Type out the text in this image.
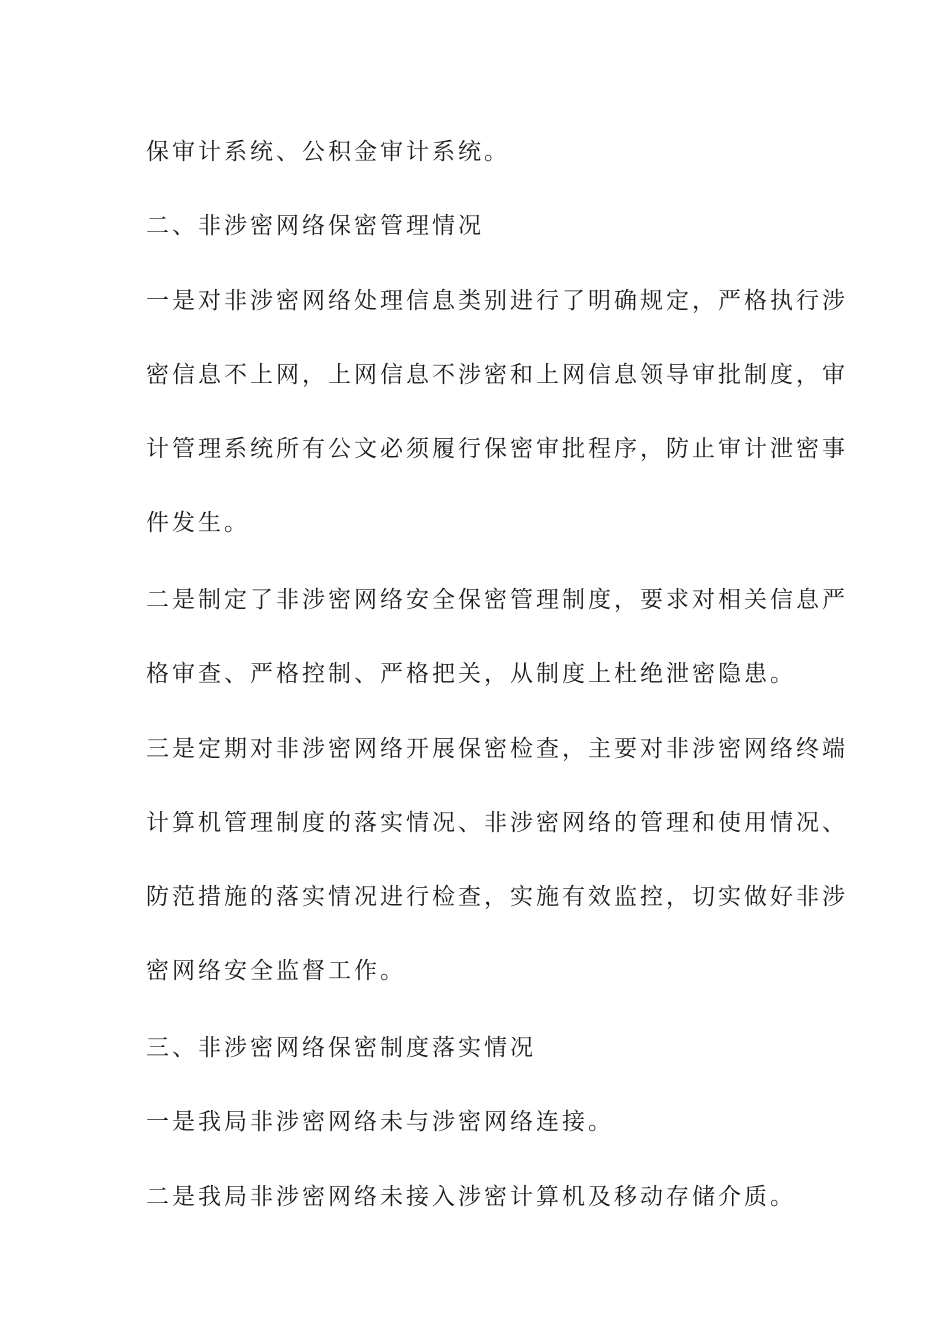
保审计系统、公积金审计系统。

二、非涉密网络保密管理情况

一是对非涉密网络处理信息类别进行了明确规定，严格执行涉
密信息不上网，上网信息不涉密和上网信息领导审批制度，审
计管理系统所有公文必须履行保密审批程序，防止审计泄密事
件发生。

二是制定了非涉密网络安全保密管理制度，要求对相关信息严
格审查、严格控制、严格把关，从制度上杜绝泄密隐患。

三是定期对非涉密网络开展保密检查，主要对非涉密网络终端
计算机管理制度的落实情况、非涉密网络的管理和使用情况、
防范措施的落实情况进行检查，实施有效监控，切实做好非涉
密网络安全监督工作。

三、非涉密网络保密制度落实情况

一是我局非涉密网络未与涉密网络连接。

二是我局非涉密网络未接入涉密计算机及移动存储介质。
